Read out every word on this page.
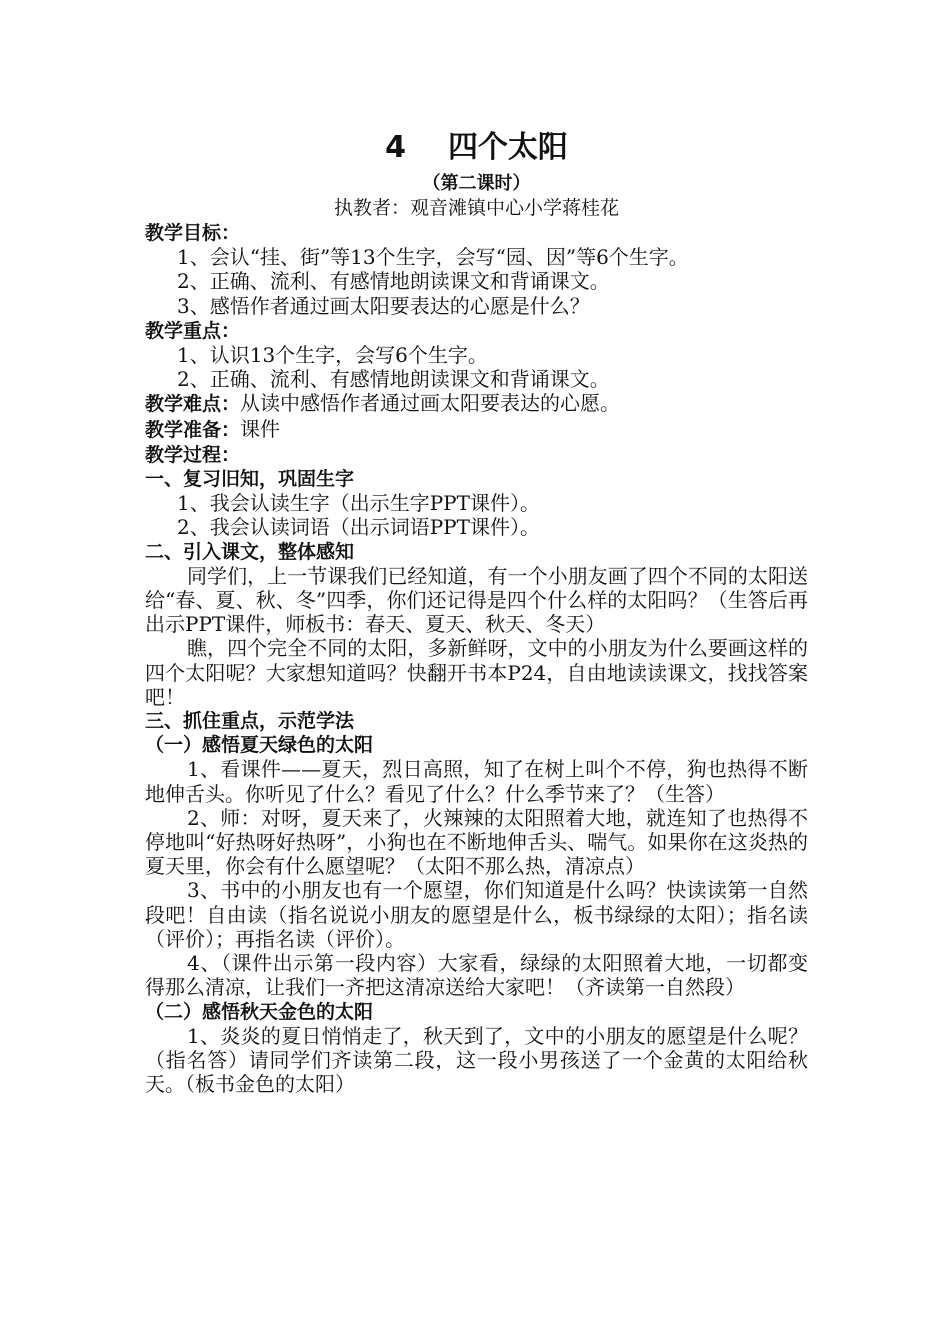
4 四个太阳

（第二课时）

执教者：观音滩镇中心小学蒋桂花

教学目标：

1、会认“挂、街”等13个生字，会写“园、因”等6个生字。

2、正确、流利、有感情地朗读课文和背诵课文。

3、感悟作者通过画太阳要表达的心愿是什么？

教学重点：

1、认识13个生字，会写6个生字。

2、正确、流利、有感情地朗读课文和背诵课文。

教学难点：从读中感悟作者通过画太阳要表达的心愿。

教学准备：课件

教学过程：

一、复习旧知，巩固生字

1、我会认读生字（出示生字PPT课件）。

2、我会认读词语（出示词语PPT课件）。

二、引入课文，整体感知

同学们，上一节课我们已经知道，有一个小朋友画了四个不同的太阳送给“春、夏、秋、冬”四季，你们还记得是四个什么样的太阳吗？（生答后再出示PPT课件，师板书：春天、夏天、秋天、冬天）

瞧，四个完全不同的太阳，多新鲜呀，文中的小朋友为什么要画这样的四个太阳呢？大家想知道吗？快翻开书本P24，自由地读读课文，找找答案吧！

三、抓住重点，示范学法

（一）感悟夏天绿色的太阳

1、看课件——夏天，烈日高照，知了在树上叫个不停，狗也热得不断地伸舌头。你听见了什么？看见了什么？什么季节来了？（生答）

2、师：对呀，夏天来了，火辣辣的太阳照着大地，就连知了也热得不停地叫“好热呀好热呀”，小狗也在不断地伸舌头、喘气。如果你在这炎热的夏天里，你会有什么愿望呢？（太阳不那么热，清凉点）

3、书中的小朋友也有一个愿望，你们知道是什么吗？快读读第一自然段吧！自由读（指名说说小朋友的愿望是什么，板书绿绿的太阳）；指名读（评价）；再指名读（评价）。

4、（课件出示第一段内容）大家看，绿绿的太阳照着大地，一切都变得那么清凉，让我们一齐把这清凉送给大家吧！（齐读第一自然段）

（二）感悟秋天金色的太阳

1、炎炎的夏日悄悄走了，秋天到了，文中的小朋友的愿望是什么呢？（指名答）请同学们齐读第二段，这一段小男孩送了一个金黄的太阳给秋天。（板书金色的太阳）
